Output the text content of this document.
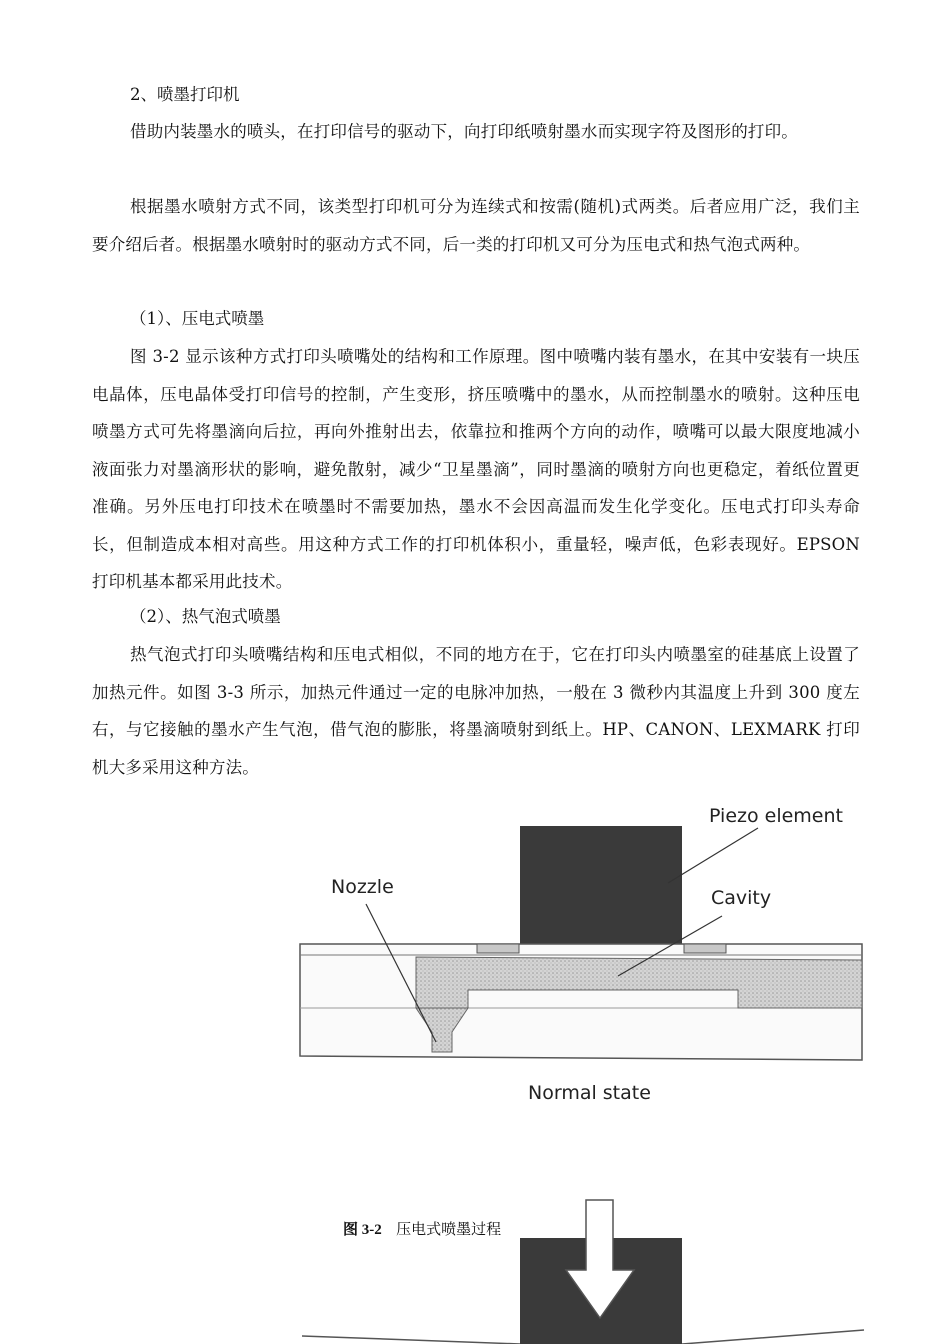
2、喷墨打印机

借助内装墨水的喷头，在打印信号的驱动下，向打印纸喷射墨水而实现字符及图形的打印。

根据墨水喷射方式不同，该类型打印机可分为连续式和按需(随机)式两类。后者应用广泛，我们主要介绍后者。根据墨水喷射时的驱动方式不同，后一类的打印机又可分为压电式和热气泡式两种。

（1）、压电式喷墨

图 3-2 显示该种方式打印头喷嘴处的结构和工作原理。图中喷嘴内装有墨水，在其中安装有一块压电晶体，压电晶体受打印信号的控制，产生变形，挤压喷嘴中的墨水，从而控制墨水的喷射。这种压电喷墨方式可先将墨滴向后拉，再向外推射出去，依靠拉和推两个方向的动作，喷嘴可以最大限度地减小液面张力对墨滴形状的影响，避免散射，减少“卫星墨滴”，同时墨滴的喷射方向也更稳定，着纸位置更准确。另外压电打印技术在喷墨时不需要加热，墨水不会因高温而发生化学变化。压电式打印头寿命长，但制造成本相对高些。用这种方式工作的打印机体积小，重量轻，噪声低，色彩表现好。EPSON 打印机基本都采用此技术。

（2）、热气泡式喷墨

热气泡式打印头喷嘴结构和压电式相似，不同的地方在于，它在打印头内喷墨室的硅基底上设置了加热元件。如图 3-3 所示，加热元件通过一定的电脉冲加热，一般在 3 微秒内其温度上升到 300 度左右，与它接触的墨水产生气泡，借气泡的膨胀，将墨滴喷射到纸上。HP、CANON、LEXMARK 打印机大多采用这种方法。

Piezo element
Nozzle	Cavity
Normal state
图 3-2 压电式喷墨过程
